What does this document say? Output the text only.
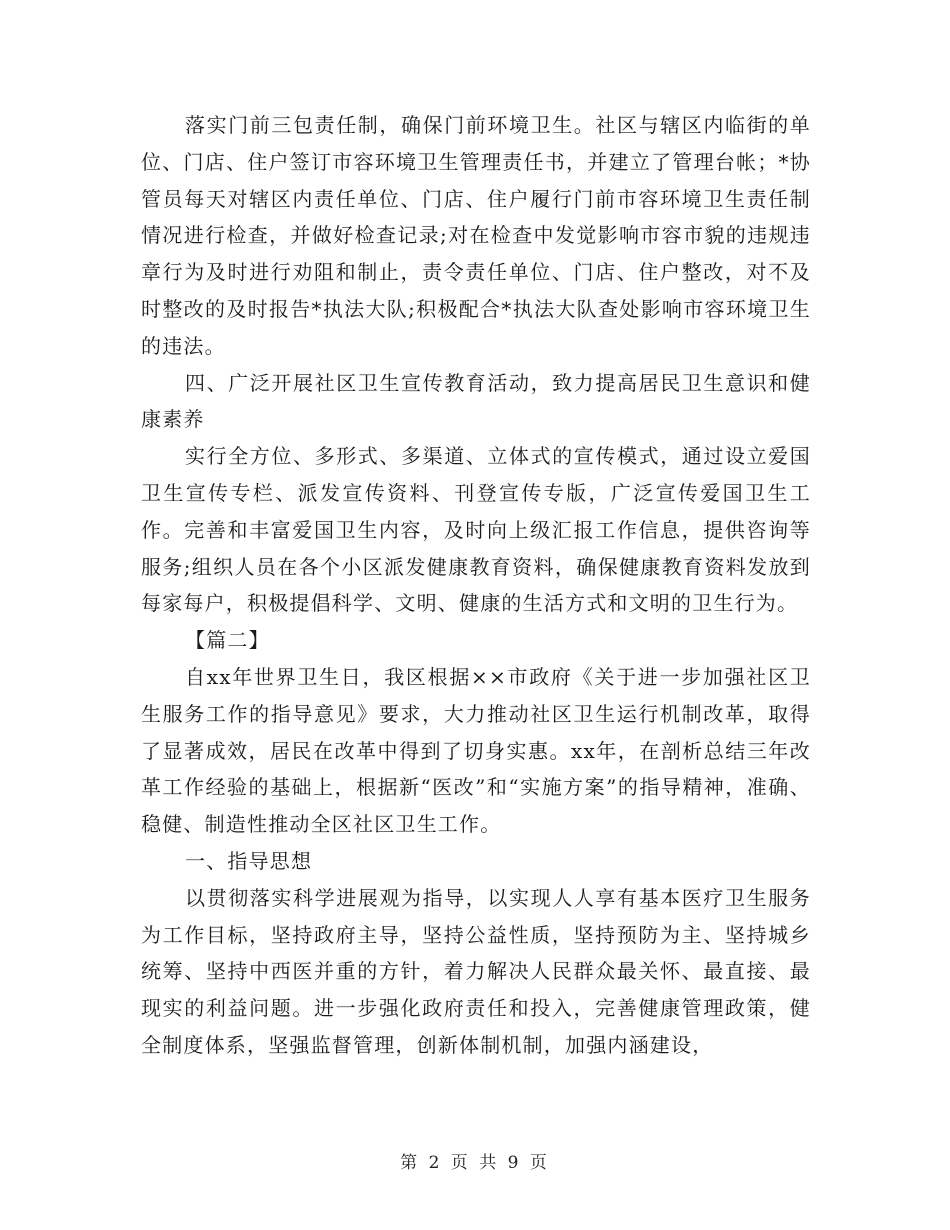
落实门前三包责任制，确保门前环境卫生。社区与辖区内临街的单位、门店、住户签订市容环境卫生管理责任书，并建立了管理台帐；*协管员每天对辖区内责任单位、门店、住户履行门前市容环境卫生责任制情况进行检查，并做好检查记录;对在检查中发觉影响市容市貌的违规违章行为及时进行劝阻和制止，责令责任单位、门店、住户整改，对不及时整改的及时报告*执法大队;积极配合*执法大队查处影响市容环境卫生的违法。

四、广泛开展社区卫生宣传教育活动，致力提高居民卫生意识和健康素养

实行全方位、多形式、多渠道、立体式的宣传模式，通过设立爱国卫生宣传专栏、派发宣传资料、刊登宣传专版，广泛宣传爱国卫生工作。完善和丰富爱国卫生内容，及时向上级汇报工作信息，提供咨询等服务;组织人员在各个小区派发健康教育资料，确保健康教育资料发放到每家每户，积极提倡科学、文明、健康的生活方式和文明的卫生行为。

【篇二】

自xx年世界卫生日，我区根据××市政府《关于进一步加强社区卫生服务工作的指导意见》要求，大力推动社区卫生运行机制改革，取得了显著成效，居民在改革中得到了切身实惠。xx年，在剖析总结三年改革工作经验的基础上，根据新“医改”和“实施方案”的指导精神，准确、稳健、制造性推动全区社区卫生工作。

一、指导思想

以贯彻落实科学进展观为指导，以实现人人享有基本医疗卫生服务为工作目标，坚持政府主导，坚持公益性质，坚持预防为主、坚持城乡统筹、坚持中西医并重的方针，着力解决人民群众最关怀、最直接、最现实的利益问题。进一步强化政府责任和投入，完善健康管理政策，健全制度体系，坚强监督管理，创新体制机制，加强内涵建设，

第 2 页 共 9 页
